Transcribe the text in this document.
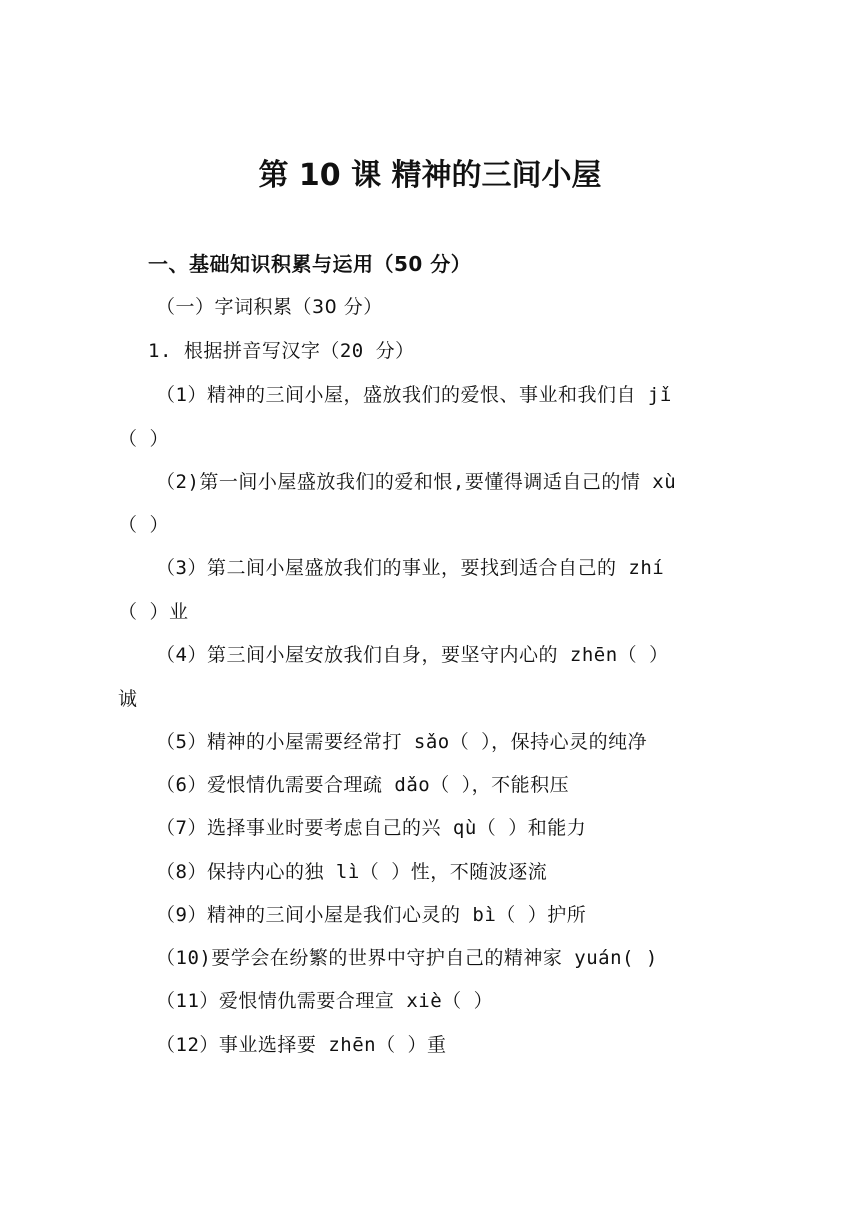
第 10 课 精神的三间小屋

一、基础知识积累与运用（50 分）

（一）字词积累（30 分）

1. 根据拼音写汉字（20 分）

（1）精神的三间小屋，盛放我们的爱恨、事业和我们自 jǐ

（ ）

（2)第一间小屋盛放我们的爱和恨,要懂得调适自己的情 xù

（ ）

（3）第二间小屋盛放我们的事业，要找到适合自己的 zhí

（ ）业

（4）第三间小屋安放我们自身，要坚守内心的 zhēn（ ）

诚

（5）精神的小屋需要经常打 sǎo（ ），保持心灵的纯净

（6）爱恨情仇需要合理疏 dǎo（ ），不能积压

（7）选择事业时要考虑自己的兴 qù（ ）和能力

（8）保持内心的独 lì（ ）性，不随波逐流

（9）精神的三间小屋是我们心灵的 bì（ ）护所

（10)要学会在纷繁的世界中守护自己的精神家 yuán( )

（11）爱恨情仇需要合理宣 xiè（ ）

（12）事业选择要 zhēn（ ）重
